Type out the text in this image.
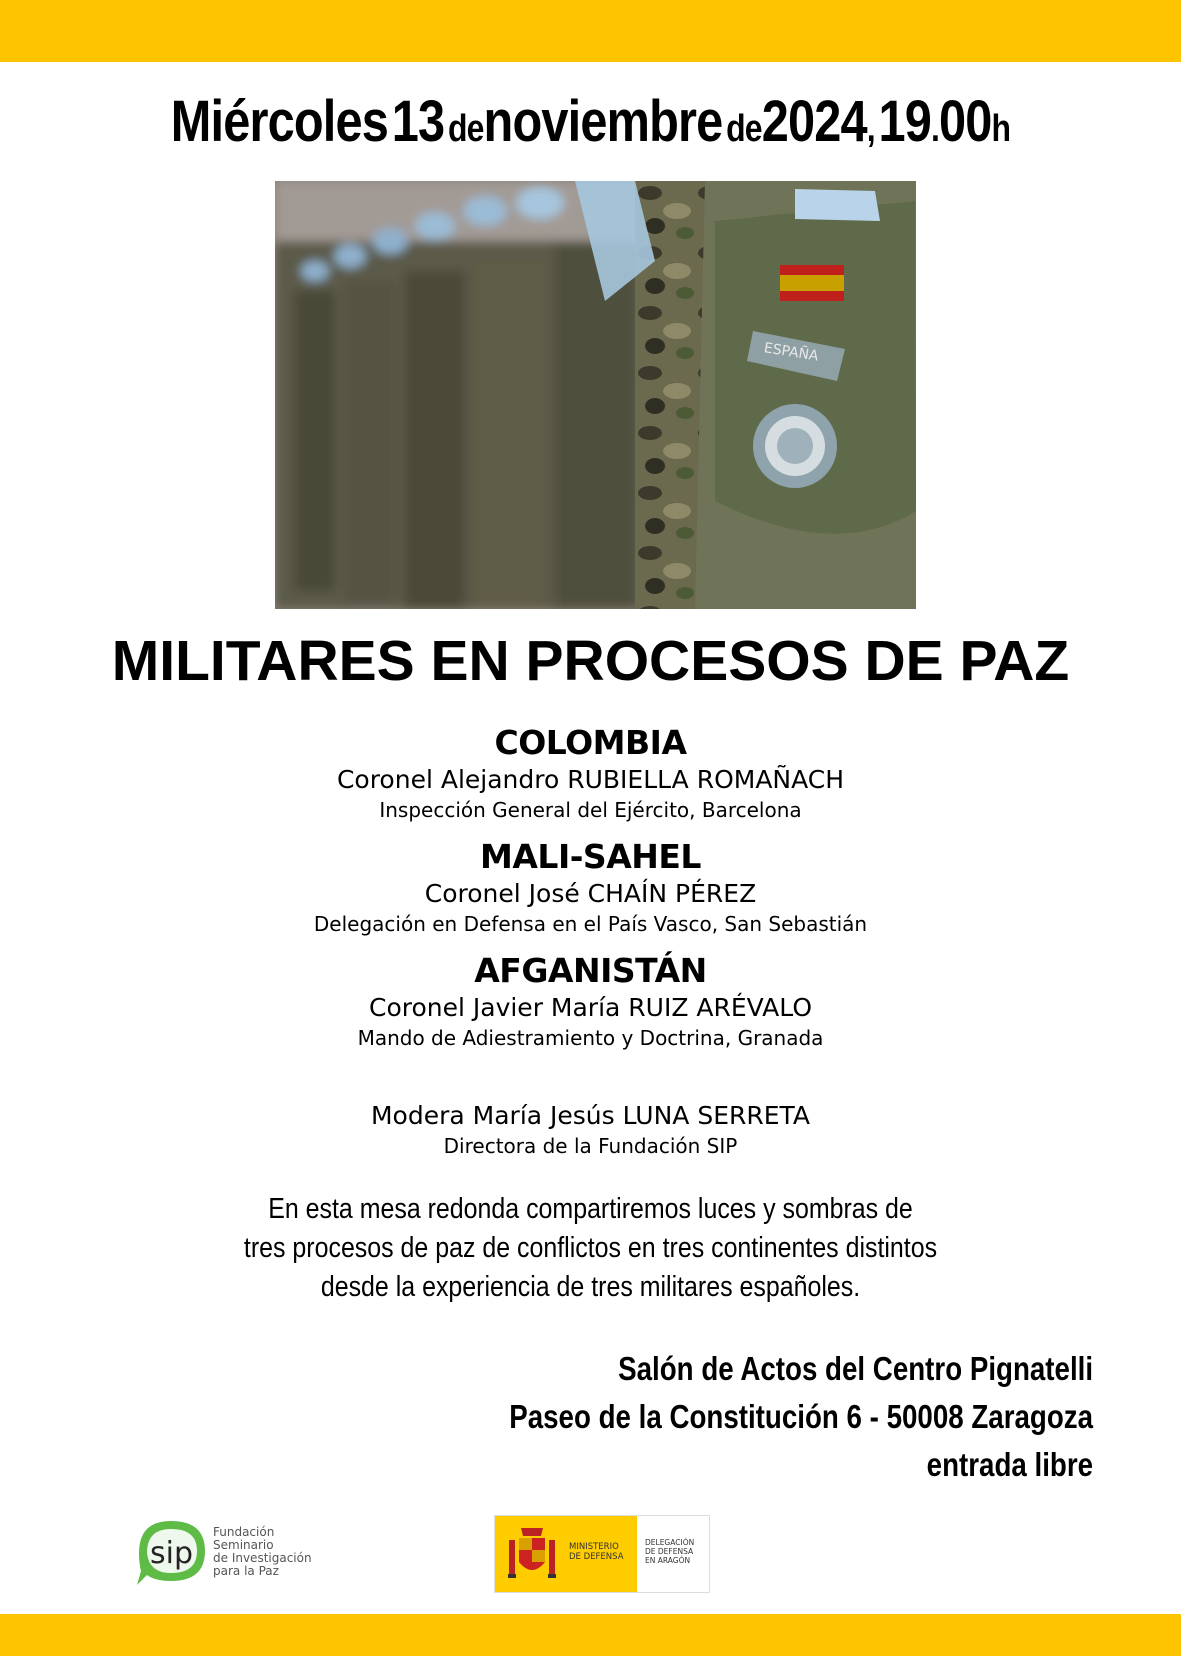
Miércoles 13 denoviembre de2024, 19.00h
ESPAÑA
MILITARES EN PROCESOS DE PAZ
COLOMBIA
Coronel Alejandro RUBIELLA ROMAÑACH
Inspección General del Ejército, Barcelona
MALI-SAHEL
Coronel José CHAÍN PÉREZ
Delegación en Defensa en el País Vasco, San Sebastián
AFGANISTÁN
Coronel Javier María RUIZ ARÉVALO
Mando de Adiestramiento y Doctrina, Granada
Modera María Jesús LUNA SERRETA
Directora de la Fundación SIP
En esta mesa redonda compartiremos luces y sombras de
tres procesos de paz de conflictos en tres continentes distintos
desde la experiencia de tres militares españoles.
Salón de Actos del Centro Pignatelli
Paseo de la Constitución 6 - 50008 Zaragoza
entrada libre
sip
Fundación
Seminario
de Investigación
para la Paz
MINISTERIO
DE DEFENSA
DELEGACIÓN
DE DEFENSA
EN ARAGÓN
